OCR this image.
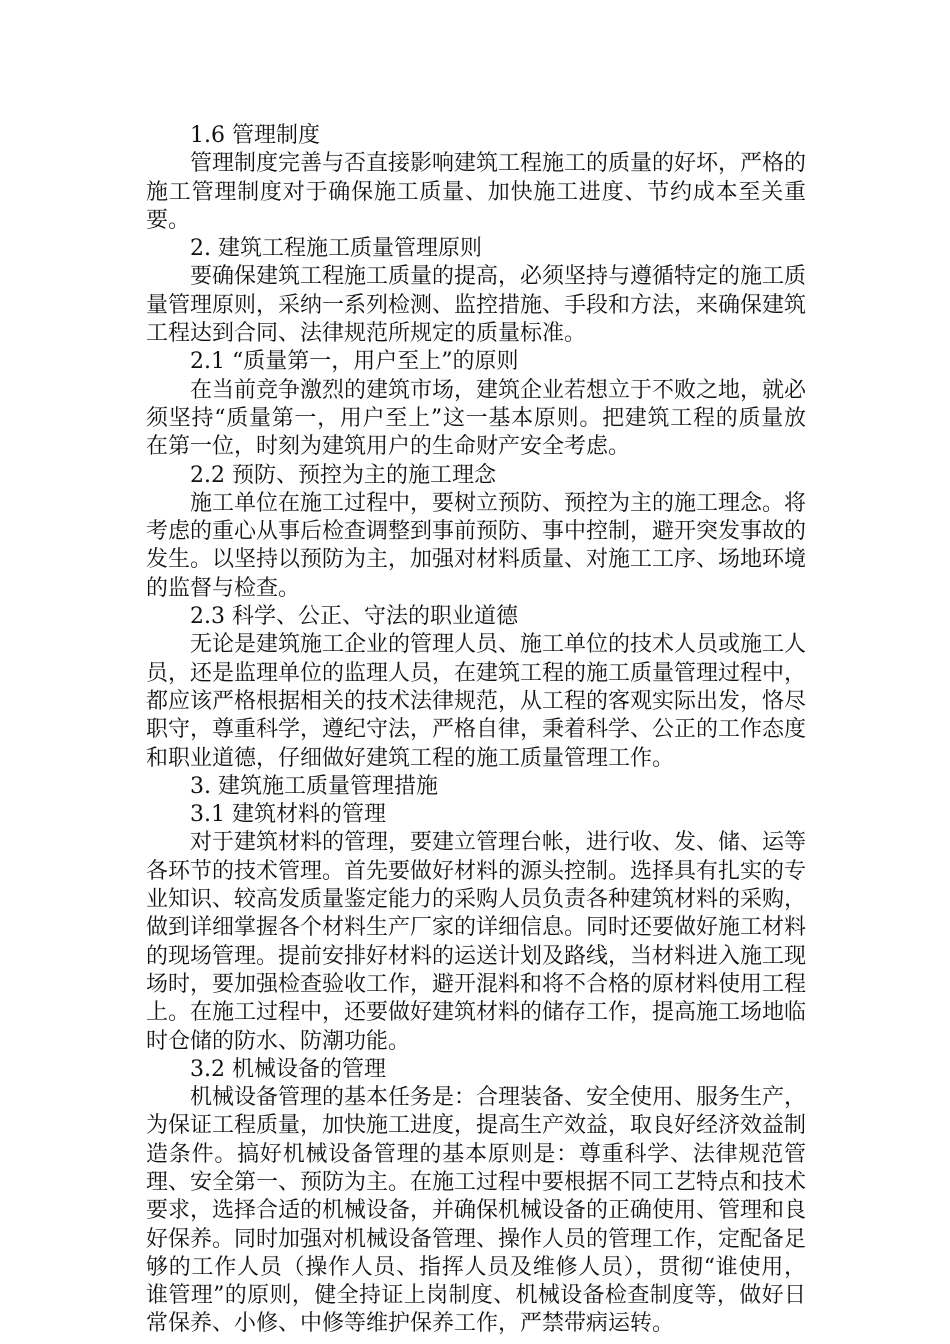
1.6 管理制度

管理制度完善与否直接影响建筑工程施工的质量的好坏，严格的施工管理制度对于确保施工质量、加快施工进度、节约成本至关重要。

2. 建筑工程施工质量管理原则

要确保建筑工程施工质量的提高，必须坚持与遵循特定的施工质量管理原则，采纳一系列检测、监控措施、手段和方法，来确保建筑工程达到合同、法律规范所规定的质量标准。

2.1 “质量第一，用户至上”的原则

在当前竞争激烈的建筑市场，建筑企业若想立于不败之地，就必须坚持“质量第一，用户至上”这一基本原则。把建筑工程的质量放在第一位，时刻为建筑用户的生命财产安全考虑。

2.2 预防、预控为主的施工理念

施工单位在施工过程中，要树立预防、预控为主的施工理念。将考虑的重心从事后检查调整到事前预防、事中控制，避开突发事故的发生。以坚持以预防为主，加强对材料质量、对施工工序、场地环境的监督与检查。

2.3 科学、公正、守法的职业道德

无论是建筑施工企业的管理人员、施工单位的技术人员或施工人员，还是监理单位的监理人员，在建筑工程的施工质量管理过程中，都应该严格根据相关的技术法律规范，从工程的客观实际出发，恪尽职守，尊重科学，遵纪守法，严格自律，秉着科学、公正的工作态度和职业道德，仔细做好建筑工程的施工质量管理工作。

3. 建筑施工质量管理措施

3.1 建筑材料的管理

对于建筑材料的管理，要建立管理台帐，进行收、发、储、运等各环节的技术管理。首先要做好材料的源头控制。选择具有扎实的专业知识、较高发质量鉴定能力的采购人员负责各种建筑材料的采购，做到详细掌握各个材料生产厂家的详细信息。同时还要做好施工材料的现场管理。提前安排好材料的运送计划及路线，当材料进入施工现场时，要加强检查验收工作，避开混料和将不合格的原材料使用工程上。在施工过程中，还要做好建筑材料的储存工作，提高施工场地临时仓储的防水、防潮功能。

3.2 机械设备的管理

机械设备管理的基本任务是：合理装备、安全使用、服务生产，为保证工程质量，加快施工进度，提高生产效益，取良好经济效益制造条件。搞好机械设备管理的基本原则是：尊重科学、法律规范管理、安全第一、预防为主。在施工过程中要根据不同工艺特点和技术要求，选择合适的机械设备，并确保机械设备的正确使用、管理和良好保养。同时加强对机械设备管理、操作人员的管理工作，定配备足够的工作人员（操作人员、指挥人员及维修人员），贯彻“谁使用，谁管理”的原则，健全持证上岗制度、机械设备检查制度等，做好日常保养、小修、中修等维护保养工作，严禁带病运转。
